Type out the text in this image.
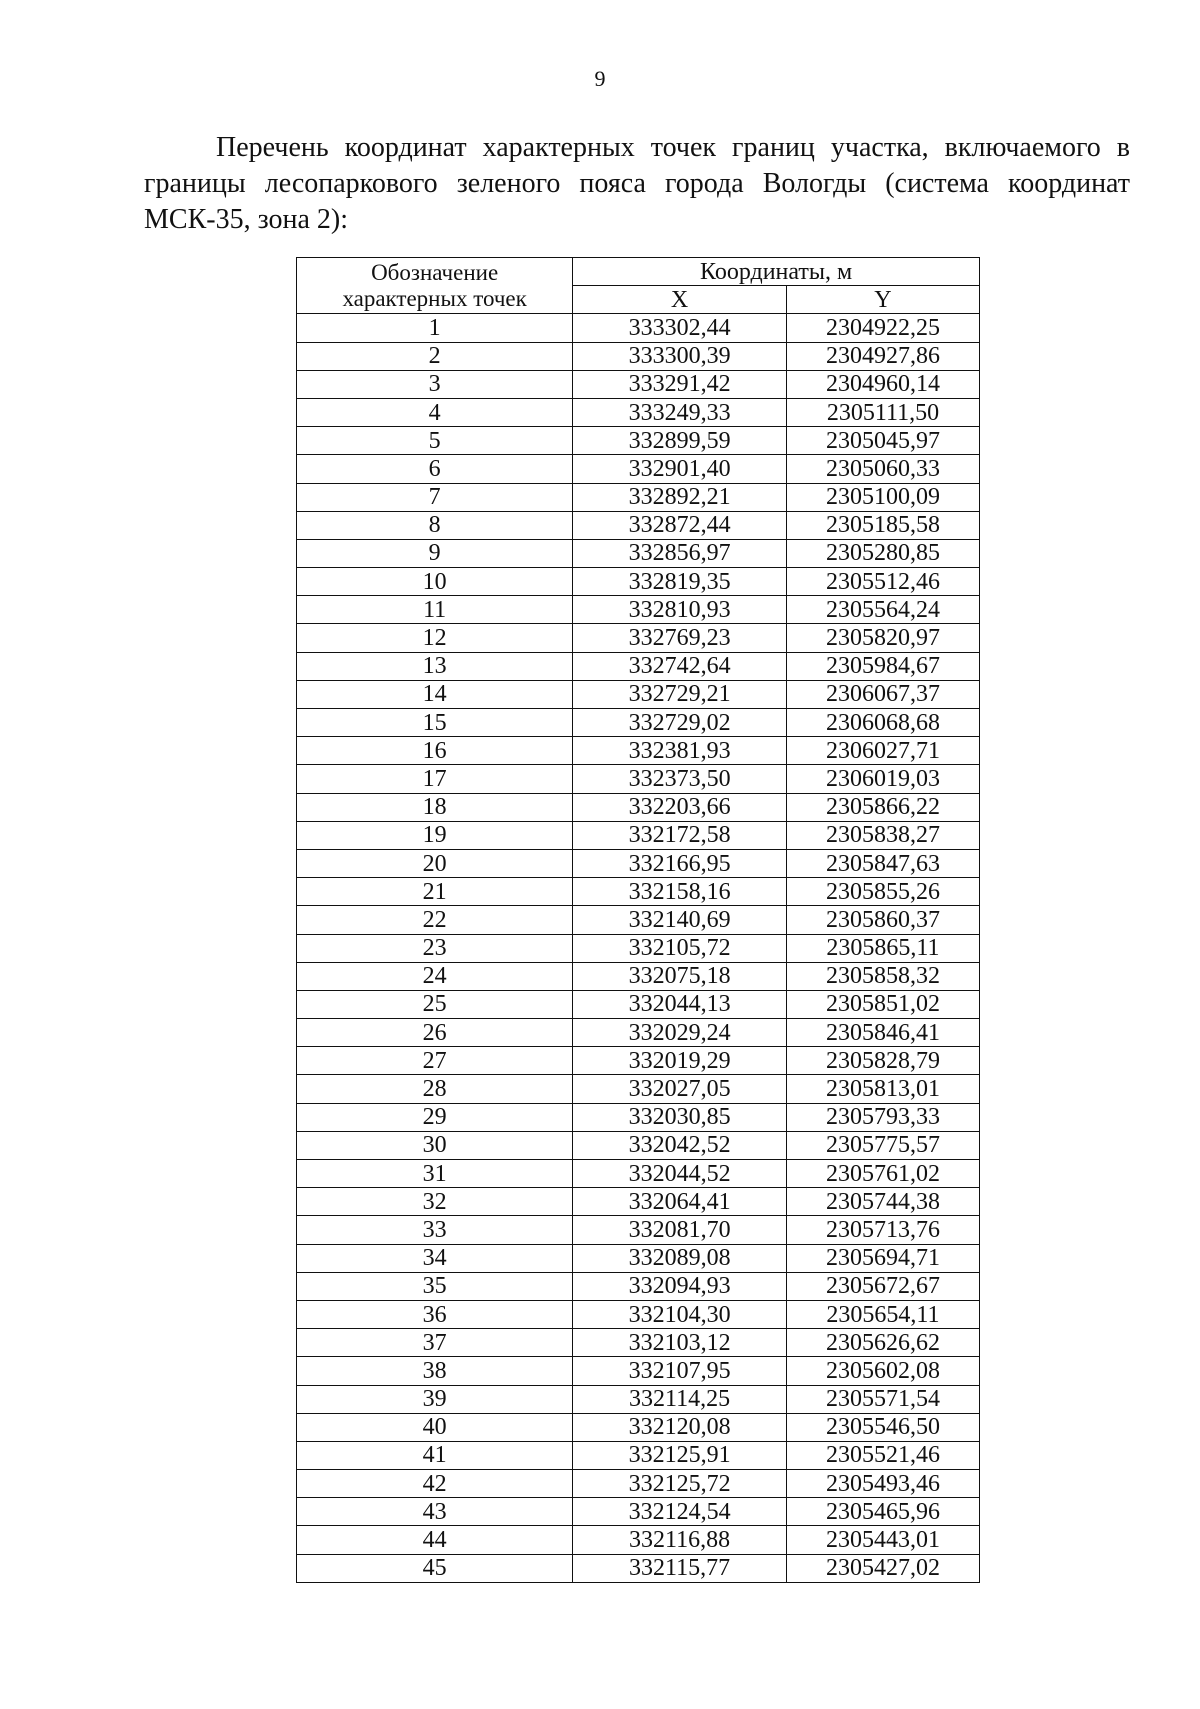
9

Перечень координат характерных точек границ участка, включаемого в границы лесопаркового зеленого пояса города Вологды (система координат МСК-35, зона 2):

Обозначение
характерных точек	Координаты, м	
	X	Y
1	333302,44	2304922,25
2	333300,39	2304927,86
3	333291,42	2304960,14
4	333249,33	2305111,50
5	332899,59	2305045,97
6	332901,40	2305060,33
7	332892,21	2305100,09
8	332872,44	2305185,58
9	332856,97	2305280,85
10	332819,35	2305512,46
11	332810,93	2305564,24
12	332769,23	2305820,97
13	332742,64	2305984,67
14	332729,21	2306067,37
15	332729,02	2306068,68
16	332381,93	2306027,71
17	332373,50	2306019,03
18	332203,66	2305866,22
19	332172,58	2305838,27
20	332166,95	2305847,63
21	332158,16	2305855,26
22	332140,69	2305860,37
23	332105,72	2305865,11
24	332075,18	2305858,32
25	332044,13	2305851,02
26	332029,24	2305846,41
27	332019,29	2305828,79
28	332027,05	2305813,01
29	332030,85	2305793,33
30	332042,52	2305775,57
31	332044,52	2305761,02
32	332064,41	2305744,38
33	332081,70	2305713,76
34	332089,08	2305694,71
35	332094,93	2305672,67
36	332104,30	2305654,11
37	332103,12	2305626,62
38	332107,95	2305602,08
39	332114,25	2305571,54
40	332120,08	2305546,50
41	332125,91	2305521,46
42	332125,72	2305493,46
43	332124,54	2305465,96
44	332116,88	2305443,01
45	332115,77	2305427,02
